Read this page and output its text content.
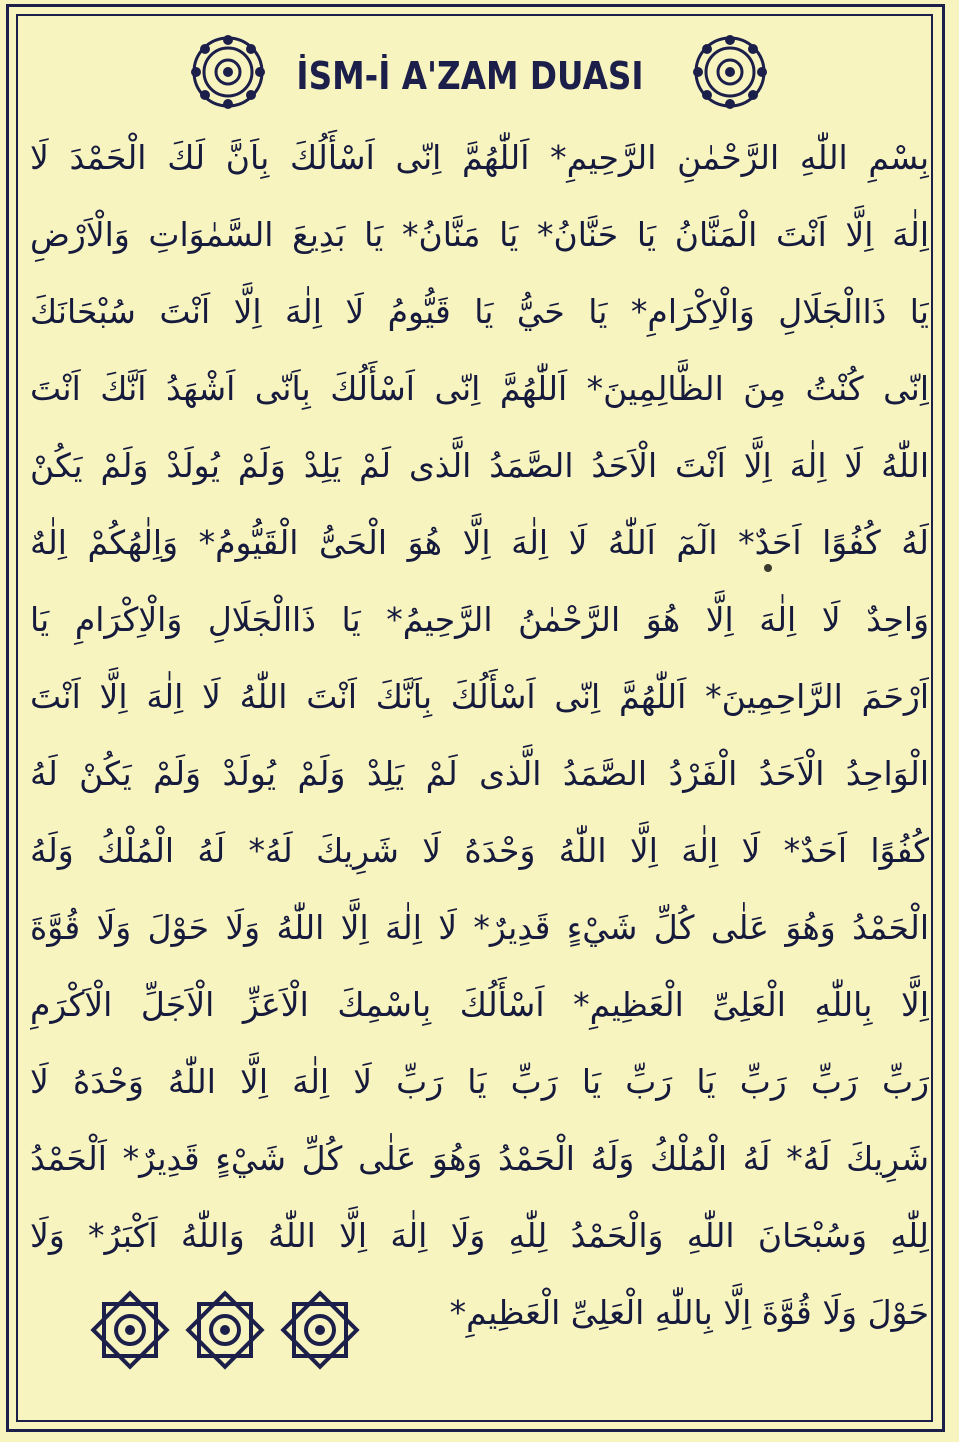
İSM-İ A'ZAM DUASI
بِسْمِ اللّٰهِ الرَّحْمٰنِ الرَّحِيمِ* اَللّٰهُمَّ اِنّى اَسْأَلُكَ بِاَنَّ لَكَ الْحَمْدَ لَا
اِلٰهَ اِلَّا اَنْتَ الْمَنَّانُ يَا حَنَّانُ* يَا مَنَّانُ* يَا بَدِيعَ السَّمٰوَاتِ وَالْاَرْضِ
يَا ذَاالْجَلَالِ وَالْاِكْرَامِ* يَا حَيُّ يَا قَيُّومُ لَا اِلٰهَ اِلَّا اَنْتَ سُبْحَانَكَ
اِنّى كُنْتُ مِنَ الظَّالِمِينَ* اَللّٰهُمَّ اِنّى اَسْأَلُكَ بِاَنّى اَشْهَدُ اَنَّكَ اَنْتَ
اللّٰهُ لَا اِلٰهَ اِلَّا اَنْتَ الْاَحَدُ الصَّمَدُ الَّذى لَمْ يَلِدْ وَلَمْ يُولَدْ وَلَمْ يَكُنْ
لَهُ كُفُوًا اَحَدٌ* الٓمٓ اَللّٰهُ لَا اِلٰهَ اِلَّا هُوَ الْحَىُّ الْقَيُّومُ* وَاِلٰهُكُمْ اِلٰهٌ
وَاحِدٌ لَا اِلٰهَ اِلَّا هُوَ الرَّحْمٰنُ الرَّحِيمُ* يَا ذَاالْجَلَالِ وَالْاِكْرَامِ يَا
اَرْحَمَ الرَّاحِمِينَ* اَللّٰهُمَّ اِنّى اَسْأَلُكَ بِاَنَّكَ اَنْتَ اللّٰهُ لَا اِلٰهَ اِلَّا اَنْتَ
الْوَاحِدُ الْاَحَدُ الْفَرْدُ الصَّمَدُ الَّذى لَمْ يَلِدْ وَلَمْ يُولَدْ وَلَمْ يَكُنْ لَهُ
كُفُوًا اَحَدٌ* لَا اِلٰهَ اِلَّا اللّٰهُ وَحْدَهُ لَا شَرِيكَ لَهُ* لَهُ الْمُلْكُ وَلَهُ
الْحَمْدُ وَهُوَ عَلٰى كُلِّ شَيْءٍ قَدِيرٌ* لَا اِلٰهَ اِلَّا اللّٰهُ وَلَا حَوْلَ وَلَا قُوَّةَ
اِلَّا بِاللّٰهِ الْعَلِىِّ الْعَظِيمِ* اَسْأَلُكَ بِاسْمِكَ الْاَعَزِّ الْاَجَلِّ الْاَكْرَمِ
رَبِّ رَبِّ رَبِّ يَا رَبِّ يَا رَبِّ يَا رَبِّ لَا اِلٰهَ اِلَّا اللّٰهُ وَحْدَهُ لَا
شَرِيكَ لَهُ* لَهُ الْمُلْكُ وَلَهُ الْحَمْدُ وَهُوَ عَلٰى كُلِّ شَيْءٍ قَدِيرٌ* اَلْحَمْدُ
لِلّٰهِ وَسُبْحَانَ اللّٰهِ وَالْحَمْدُ لِلّٰهِ وَلَا اِلٰهَ اِلَّا اللّٰهُ وَاللّٰهُ اَكْبَرُ* وَلَا
حَوْلَ وَلَا قُوَّةَ اِلَّا بِاللّٰهِ الْعَلِىِّ الْعَظِيمِ*
